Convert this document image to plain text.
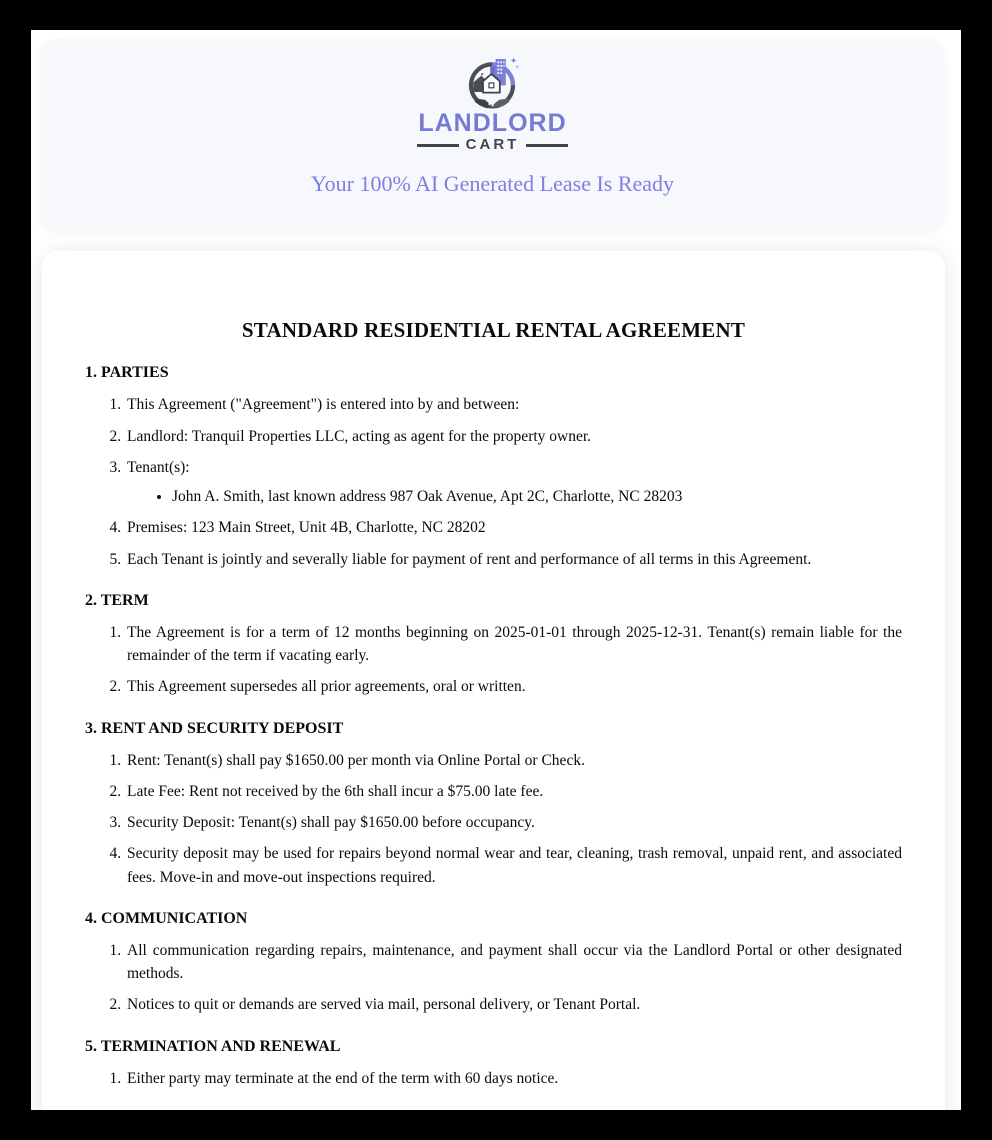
LANDLORD
CART
Your 100% AI Generated Lease Is Ready
STANDARD RESIDENTIAL RENTAL AGREEMENT
1. PARTIES
1. This Agreement ("Agreement") is entered into by and between:
2. Landlord: Tranquil Properties LLC, acting as agent for the property owner.
3. Tenant(s):
• John A. Smith, last known address 987 Oak Avenue, Apt 2C, Charlotte, NC 28203
4. Premises: 123 Main Street, Unit 4B, Charlotte, NC 28202
5. Each Tenant is jointly and severally liable for payment of rent and performance of all terms in this Agreement.
2. TERM
1. The Agreement is for a term of 12 months beginning on 2025-01-01 through 2025-12-31. Tenant(s) remain liable for the remainder of the term if vacating early.
2. This Agreement supersedes all prior agreements, oral or written.
3. RENT AND SECURITY DEPOSIT
1. Rent: Tenant(s) shall pay $1650.00 per month via Online Portal or Check.
2. Late Fee: Rent not received by the 6th shall incur a $75.00 late fee.
3. Security Deposit: Tenant(s) shall pay $1650.00 before occupancy.
4. Security deposit may be used for repairs beyond normal wear and tear, cleaning, trash removal, unpaid rent, and associated fees. Move-in and move-out inspections required.
4. COMMUNICATION
1. All communication regarding repairs, maintenance, and payment shall occur via the Landlord Portal or other designated methods.
2. Notices to quit or demands are served via mail, personal delivery, or Tenant Portal.
5. TERMINATION AND RENEWAL
1. Either party may terminate at the end of the term with 60 days notice.
